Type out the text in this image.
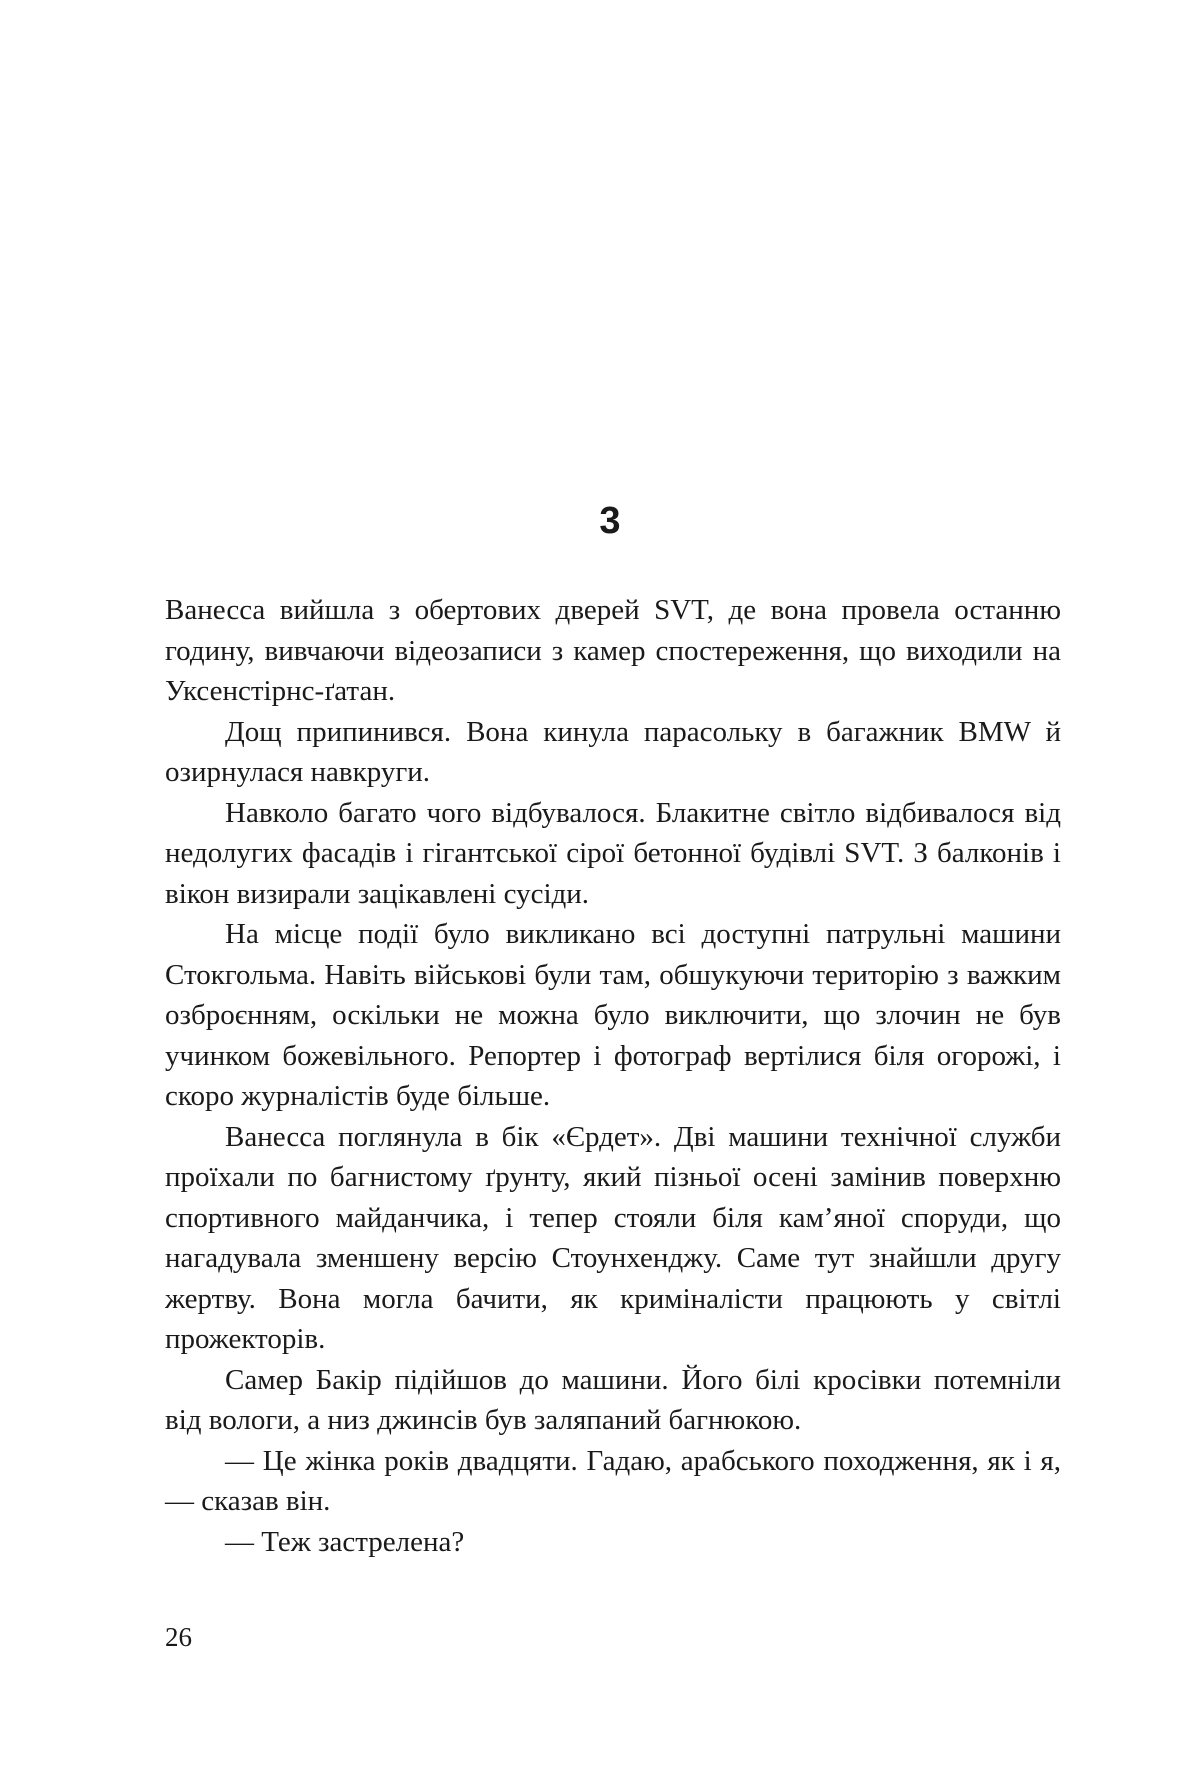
3

Ванесса вийшла з обертових дверей SVT, де вона провела останню годину, вивчаючи відеозаписи з камер спостереження, що виходили на Уксенстірнс-ґатан.

Дощ припинився. Вона кинула парасольку в багажник BMW й озирнулася навкруги.

Навколо багато чого відбувалося. Блакитне світло відбивалося від недолугих фасадів і гігантської сірої бетонної будівлі SVT. З балконів і вікон визирали зацікавлені сусіди.

На місце події було викликано всі доступні патрульні машини Стокгольма. Навіть військові були там, обшукуючи територію з важким озброєнням, оскільки не можна було виключити, що злочин не був учинком божевільного. Репортер і фотограф вертілися біля огорожі, і скоро журналістів буде більше.

Ванесса поглянула в бік «Єрдет». Дві машини технічної служби проїхали по багнистому ґрунту, який пізньої осені замінив поверхню спортивного майданчика, і тепер стояли біля кам’яної споруди, що нагадувала зменшену версію Стоунхенджу. Саме тут знайшли другу жертву. Вона могла бачити, як криміналісти працюють у світлі прожекторів.

Самер Бакір підійшов до машини. Його білі кросівки потемніли від вологи, а низ джинсів був заляпаний багнюкою.

— Це жінка років двадцяти. Гадаю, арабського походження, як і я, — сказав він.

— Теж застрелена?

26
